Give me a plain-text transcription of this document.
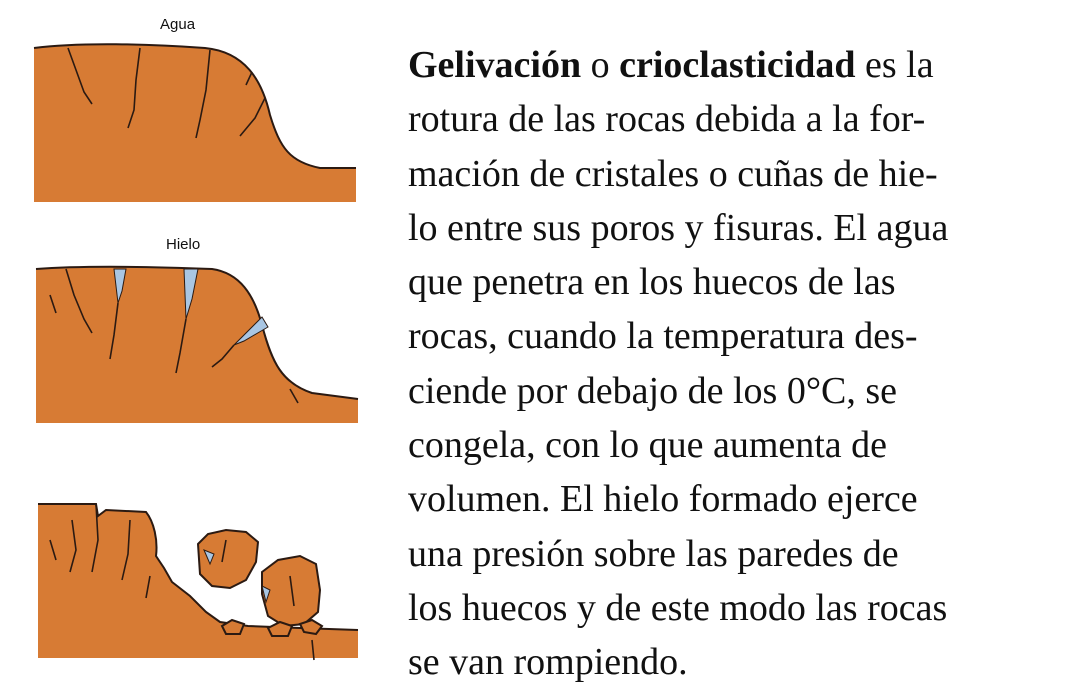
Agua
Hielo
Gelivación o crioclasticidad es la
rotura de las rocas debida a la for-
mación de cristales o cuñas de hie-
lo entre sus poros y fisuras. El agua
que penetra en los huecos de las
rocas, cuando la temperatura des-
ciende por debajo de los 0°C, se
congela, con lo que aumenta de
volumen. El hielo formado ejerce
una presión sobre las paredes de
los huecos y de este modo las rocas
se van rompiendo.
